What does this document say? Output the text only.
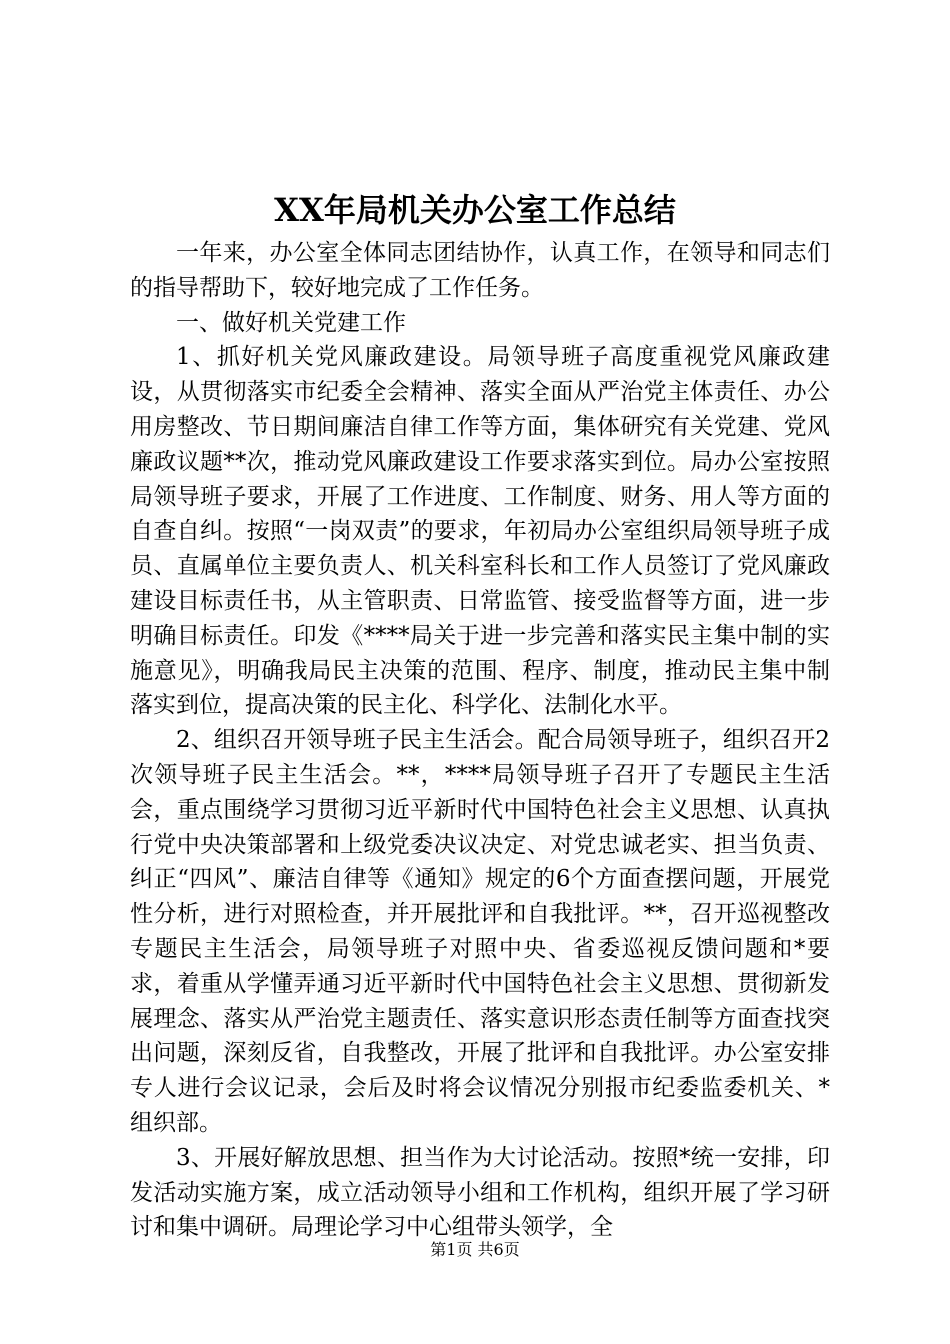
XX年局机关办公室工作总结

一年来，办公室全体同志团结协作，认真工作，在领导和同志们的指导帮助下，较好地完成了工作任务。

一、做好机关党建工作

1、抓好机关党风廉政建设。局领导班子高度重视党风廉政建设，从贯彻落实市纪委全会精神、落实全面从严治党主体责任、办公用房整改、节日期间廉洁自律工作等方面，集体研究有关党建、党风廉政议题**次，推动党风廉政建设工作要求落实到位。局办公室按照局领导班子要求，开展了工作进度、工作制度、财务、用人等方面的自查自纠。按照“一岗双责”的要求，年初局办公室组织局领导班子成员、直属单位主要负责人、机关科室科长和工作人员签订了党风廉政建设目标责任书，从主管职责、日常监管、接受监督等方面，进一步明确目标责任。印发《****局关于进一步完善和落实民主集中制的实施意见》，明确我局民主决策的范围、程序、制度，推动民主集中制落实到位，提高决策的民主化、科学化、法制化水平。

2、组织召开领导班子民主生活会。配合局领导班子，组织召开2次领导班子民主生活会。**，****局领导班子召开了专题民主生活会，重点围绕学习贯彻习近平新时代中国特色社会主义思想、认真执行党中央决策部署和上级党委决议决定、对党忠诚老实、担当负责、纠正“四风”、廉洁自律等《通知》规定的6个方面查摆问题，开展党性分析，进行对照检查，并开展批评和自我批评。**，召开巡视整改专题民主生活会，局领导班子对照中央、省委巡视反馈问题和*要求，着重从学懂弄通习近平新时代中国特色社会主义思想、贯彻新发展理念、落实从严治党主题责任、落实意识形态责任制等方面查找突出问题，深刻反省，自我整改，开展了批评和自我批评。办公室安排专人进行会议记录，会后及时将会议情况分别报市纪委监委机关、*组织部。

3、开展好解放思想、担当作为大讨论活动。按照*统一安排，印发活动实施方案，成立活动领导小组和工作机构，组织开展了学习研讨和集中调研。局理论学习中心组带头领学，全

第1页 共6页
